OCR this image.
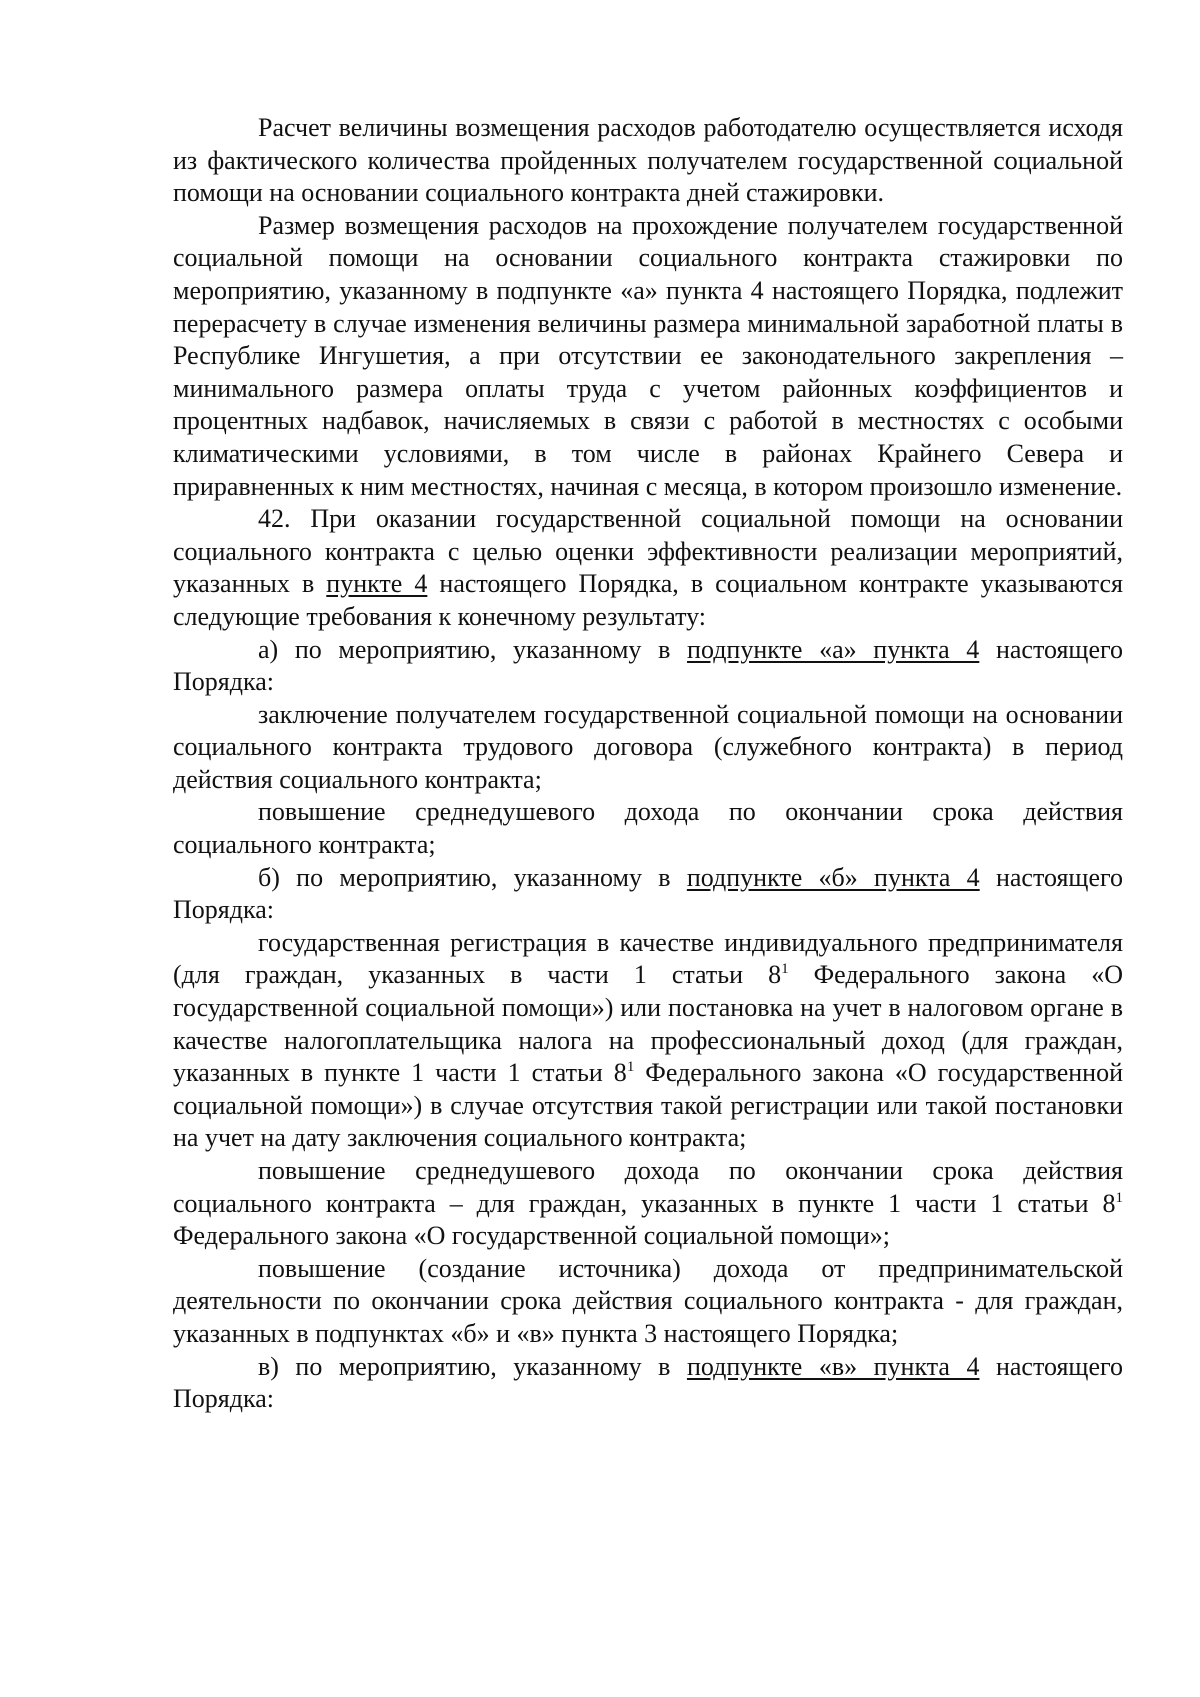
Расчет величины возмещения расходов работодателю осуществляется исходя из фактического количества пройденных получателем государственной социальной помощи на основании социального контракта дней стажировки.

Размер возмещения расходов на прохождение получателем государственной социальной помощи на основании социального контракта стажировки по мероприятию, указанному в подпункте «а» пункта 4 настоящего Порядка, подлежит перерасчету в случае изменения величины размера минимальной заработной платы в Республике Ингушетия, а при отсутствии ее законодательного закрепления – минимального размера оплаты труда с учетом районных коэффициентов и процентных надбавок, начисляемых в связи с работой в местностях с особыми климатическими условиями, в том числе в районах Крайнего Севера и приравненных к ним местностях, начиная с месяца, в котором произошло изменение.

42. При оказании государственной социальной помощи на основании социального контракта с целью оценки эффективности реализации мероприятий, указанных в пункте 4 настоящего Порядка, в социальном контракте указываются следующие требования к конечному результату:

а) по мероприятию, указанному в подпункте «а» пункта 4 настоящего Порядка:

заключение получателем государственной социальной помощи на основании социального контракта трудового договора (служебного контракта) в период действия социального контракта;

повышение среднедушевого дохода по окончании срока действия социального контракта;

б) по мероприятию, указанному в подпункте «б» пункта 4 настоящего Порядка:

государственная регистрация в качестве индивидуального предпринимателя (для граждан, указанных в части 1 статьи $8^1$ Федерального закона «О государственной социальной помощи») или постановка на учет в налоговом органе в качестве налогоплательщика налога на профессиональный доход (для граждан, указанных в пункте 1 части 1 статьи $8^1$ Федерального закона «О государственной социальной помощи») в случае отсутствия такой регистрации или такой постановки на учет на дату заключения социального контракта;

повышение среднедушевого дохода по окончании срока действия социального контракта – для граждан, указанных в пункте 1 части 1 статьи $8^1$ Федерального закона «О государственной социальной помощи»;

повышение (создание источника) дохода от предпринимательской деятельности по окончании срока действия социального контракта - для граждан, указанных в подпунктах «б» и «в» пункта 3 настоящего Порядка;

в) по мероприятию, указанному в подпункте «в» пункта 4 настоящего Порядка:
